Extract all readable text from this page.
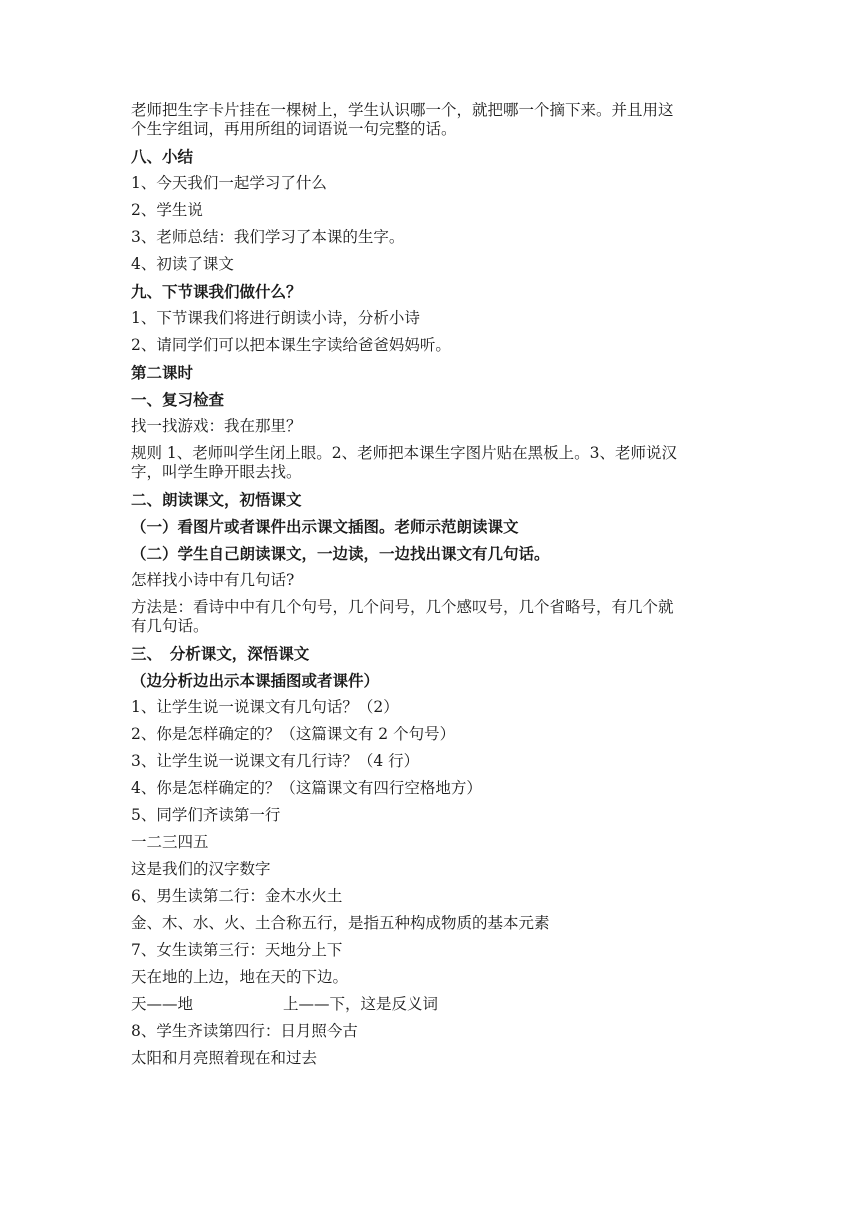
老师把生字卡片挂在一棵树上，学生认识哪一个，就把哪一个摘下来。并且用这
个生字组词，再用所组的词语说一句完整的话。
八、小结
1、今天我们一起学习了什么
2、学生说
3、老师总结：我们学习了本课的生字。
4、初读了课文
九、下节课我们做什么？
1、下节课我们将进行朗读小诗，分析小诗
2、请同学们可以把本课生字读给爸爸妈妈听。
第二课时
一、复习检查
找一找游戏：我在那里？
规则 1、老师叫学生闭上眼。2、老师把本课生字图片贴在黑板上。3、老师说汉
字，叫学生睁开眼去找。
二、朗读课文，初悟课文
（一）看图片或者课件出示课文插图。老师示范朗读课文
（二）学生自己朗读课文，一边读，一边找出课文有几句话。
怎样找小诗中有几句话?
方法是：看诗中中有几个句号，几个问号，几个感叹号，几个省略号，有几个就
有几句话。
三、　分析课文，深悟课文
（边分析边出示本课插图或者课件）
1、让学生说一说课文有几句话？（2）
2、你是怎样确定的？（这篇课文有 2 个句号）
3、让学生说一说课文有几行诗？（4 行）
4、你是怎样确定的？（这篇课文有四行空格地方）
5、同学们齐读第一行
一二三四五
这是我们的汉字数字
6、男生读第二行：金木水火土
金、木、水、火、土合称五行，是指五种构成物质的基本元素
7、女生读第三行：天地分上下
天在地的上边，地在天的下边。
天——地	上——下，这是反义词
8、学生齐读第四行：日月照今古
太阳和月亮照着现在和过去
